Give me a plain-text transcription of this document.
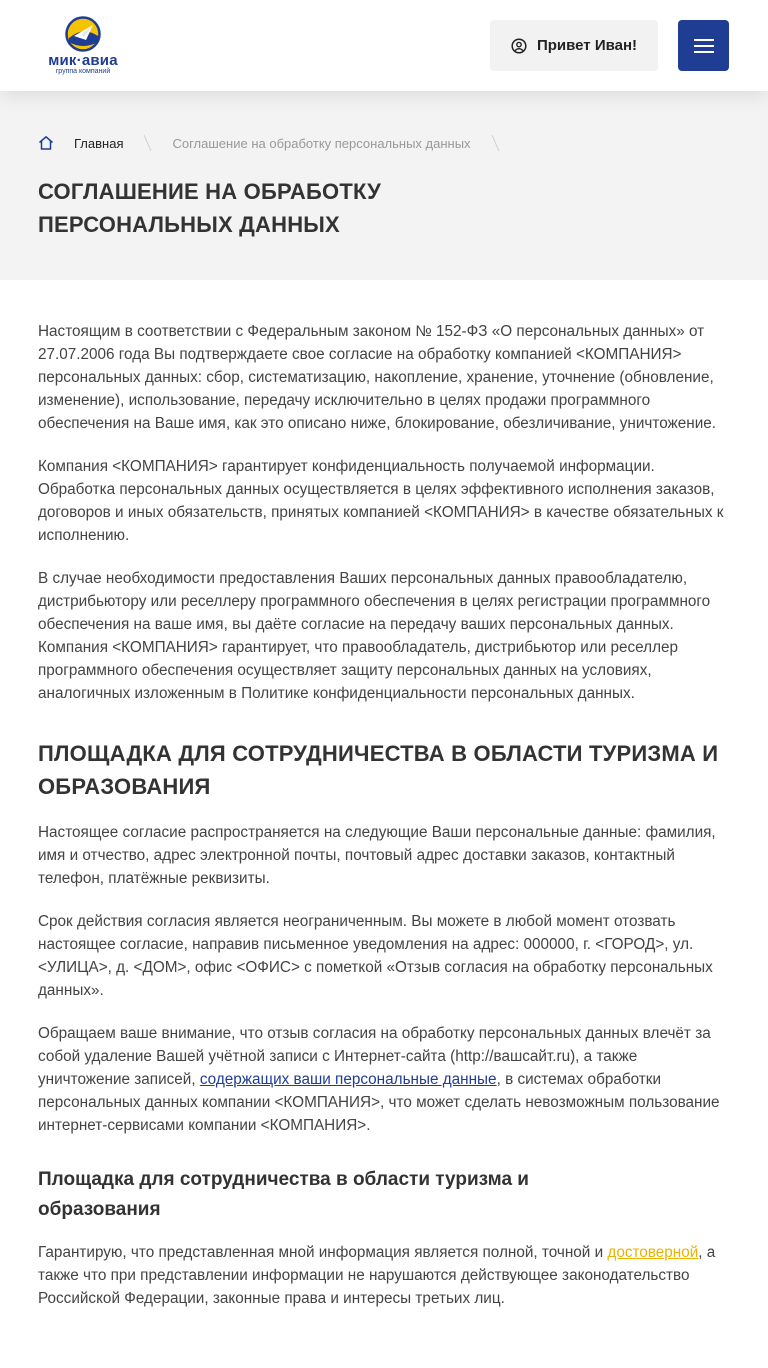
мик·авиа
группа компаний
Привет Иван!
Главная	Соглашение на обработку персональных данных
СОГЛАШЕНИЕ НА ОБРАБОТКУ ПЕРСОНАЛЬНЫХ ДАННЫХ

Настоящим в соответствии с Федеральным законом № 152-ФЗ «О персональных данных» от 27.07.2006 года Вы подтверждаете свое согласие на обработку компанией <КОМПАНИЯ> персональных данных: сбор, систематизацию, накопление, хранение, уточнение (обновление, изменение), использование, передачу исключительно в целях продажи программного обеспечения на Ваше имя, как это описано ниже, блокирование, обезличивание, уничтожение.

Компания <КОМПАНИЯ> гарантирует конфиденциальность получаемой информации. Обработка персональных данных осуществляется в целях эффективного исполнения заказов, договоров и иных обязательств, принятых компанией <КОМПАНИЯ> в качестве обязательных к исполнению.

В случае необходимости предоставления Ваших персональных данных правообладателю, дистрибьютору или реселлеру программного обеспечения в целях регистрации программного обеспечения на ваше имя, вы даёте согласие на передачу ваших персональных данных. Компания <КОМПАНИЯ> гарантирует, что правообладатель, дистрибьютор или реселлер программного обеспечения осуществляет защиту персональных данных на условиях, аналогичных изложенным в Политике конфиденциальности персональных данных.

ПЛОЩАДКА ДЛЯ СОТРУДНИЧЕСТВА В ОБЛАСТИ ТУРИЗМА И ОБРАЗОВАНИЯ

Настоящее согласие распространяется на следующие Ваши персональные данные: фамилия, имя и отчество, адрес электронной почты, почтовый адрес доставки заказов, контактный телефон, платёжные реквизиты.

Срок действия согласия является неограниченным. Вы можете в любой момент отозвать настоящее согласие, направив письменное уведомления на адрес: 000000, г. <ГОРОД>, ул. <УЛИЦА>, д. <ДОМ>, офис <ОФИС> с пометкой «Отзыв согласия на обработку персональных данных».

Обращаем ваше внимание, что отзыв согласия на обработку персональных данных влечёт за собой удаление Вашей учётной записи с Интернет-сайта (http://вашсайт.ru), а также уничтожение записей, содержащих ваши персональные данные, в системах обработки персональных данных компании <КОМПАНИЯ>, что может сделать невозможным пользование интернет-сервисами компании <КОМПАНИЯ>.

Площадка для сотрудничества в области туризма и образования

Гарантирую, что представленная мной информация является полной, точной и достоверной, а также что при представлении информации не нарушаются действующее законодательство Российской Федерации, законные права и интересы третьих лиц.
